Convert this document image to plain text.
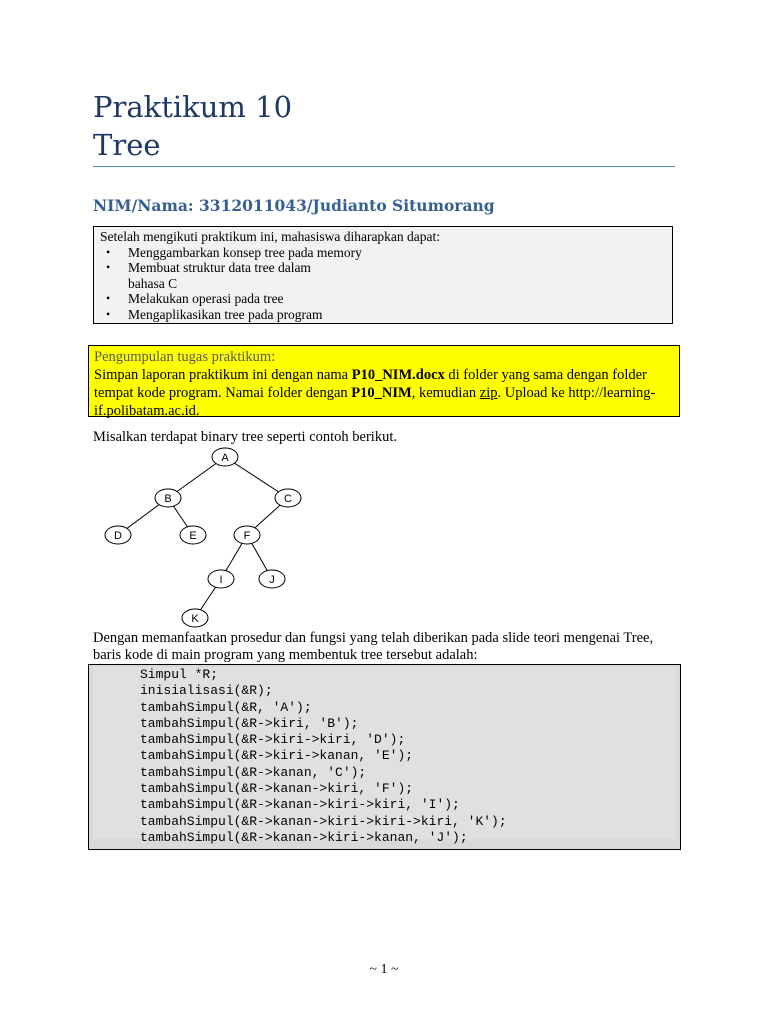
Praktikum 10
Tree
NIM/Nama: 3312011043/Judianto Situmorang
Setelah mengikuti praktikum ini, mahasiswa diharapkan dapat:
• Menggambarkan konsep tree pada memory
• Membuat struktur data tree dalam
bahasa C
• Melakukan operasi pada tree
• Mengaplikasikan tree pada program
Pengumpulan tugas praktikum:
Simpan laporan praktikum ini dengan nama P10_NIM.docx di folder yang sama dengan folder tempat kode program. Namai folder dengan P10_NIM, kemudian zip. Upload ke http://learning-if.polibatam.ac.id.
Misalkan terdapat binary tree seperti contoh berikut.
A
B	C
D	E	F
I	J
K
Dengan memanfaatkan prosedur dan fungsi yang telah diberikan pada slide teori mengenai Tree, baris kode di main program yang membentuk tree tersebut adalah:
Simpul *R;
inisialisasi(&R);
tambahSimpul(&R, 'A');
tambahSimpul(&R->kiri, 'B');
tambahSimpul(&R->kiri->kiri, 'D');
tambahSimpul(&R->kiri->kanan, 'E');
tambahSimpul(&R->kanan, 'C');
tambahSimpul(&R->kanan->kiri, 'F');
tambahSimpul(&R->kanan->kiri->kiri, 'I');
tambahSimpul(&R->kanan->kiri->kiri->kiri, 'K');
tambahSimpul(&R->kanan->kiri->kanan, 'J');
~ 1 ~
